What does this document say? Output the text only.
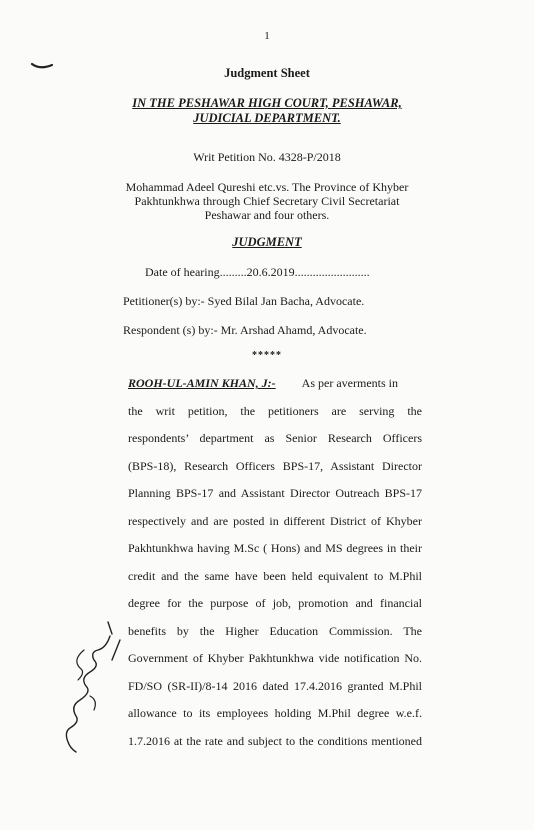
1

Judgment Sheet

IN THE PESHAWAR HIGH COURT, PESHAWAR,
JUDICIAL DEPARTMENT.

Writ Petition No. 4328-P/2018

Mohammad Adeel Qureshi etc.vs. The Province of Khyber
Pakhtunkhwa through Chief Secretary Civil Secretariat
Peshawar and four others.

JUDGMENT

Date of hearing.........20.6.2019.........................

Petitioner(s) by:- Syed Bilal Jan Bacha, Advocate.

Respondent (s) by:- Mr. Arshad Ahamd, Advocate.

*****

ROOH-UL-AMIN KHAN, J:- As per averments in
the writ petition, the petitioners are serving the
respondents’ department as Senior Research Officers
(BPS-18), Research Officers BPS-17, Assistant Director
Planning BPS-17 and Assistant Director Outreach BPS-17
respectively and are posted in different District of Khyber
Pakhtunkhwa having M.Sc ( Hons) and MS degrees in their
credit and the same have been held equivalent to M.Phil
degree for the purpose of job, promotion and financial
benefits by the Higher Education Commission. The
Government of Khyber Pakhtunkhwa vide notification No.
FD/SO (SR-II)/8-14 2016 dated 17.4.2016 granted M.Phil
allowance to its employees holding M.Phil degree w.e.f.
1.7.2016 at the rate and subject to the conditions mentioned
